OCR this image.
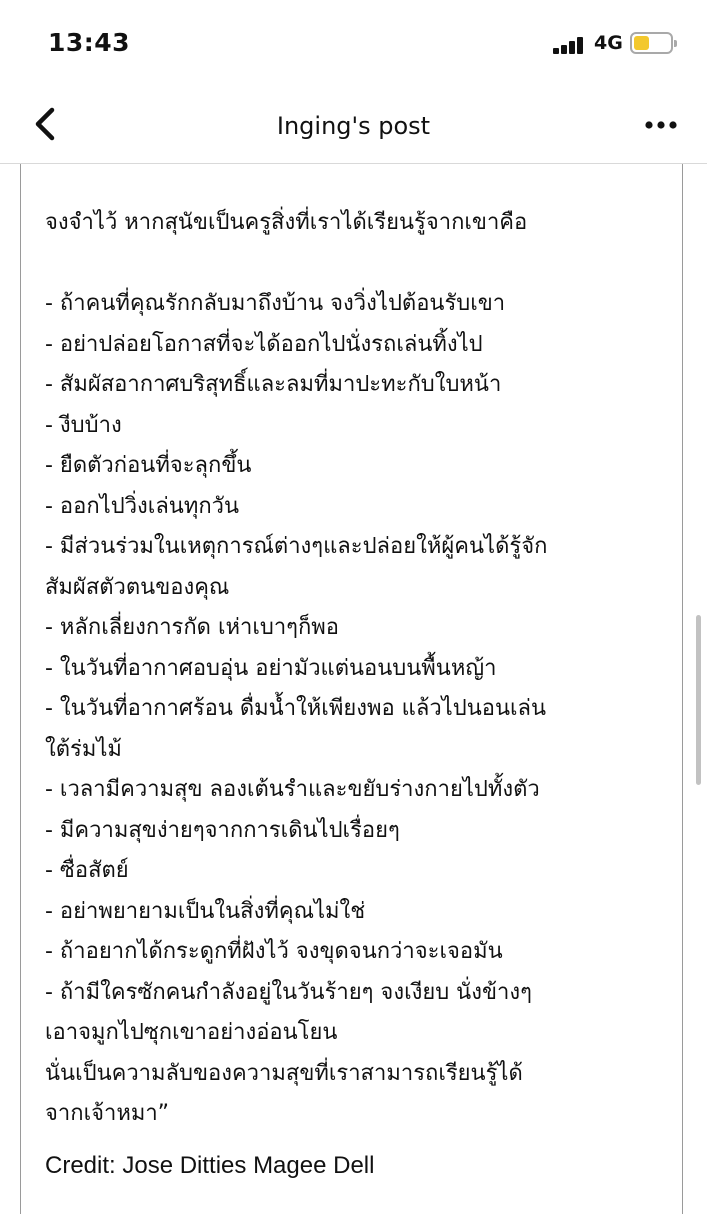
13:43	4G
Inging's post
จงจำไว้ หากสุนัขเป็นครูสิ่งที่เราได้เรียนรู้จากเขาคือ
- ถ้าคนที่คุณรักกลับมาถึงบ้าน จงวิ่งไปต้อนรับเขา
- อย่าปล่อยโอกาสที่จะได้ออกไปนั่งรถเล่นทิ้งไป
- สัมผัสอากาศบริสุทธิ์และลมที่มาปะทะกับใบหน้า
- งีบบ้าง
- ยืดตัวก่อนที่จะลุกขึ้น
- ออกไปวิ่งเล่นทุกวัน
- มีส่วนร่วมในเหตุการณ์ต่างๆและปล่อยให้ผู้คนได้รู้จัก
สัมผัสตัวตนของคุณ
- หลักเลี่ยงการกัด เห่าเบาๆก็พอ
- ในวันที่อากาศอบอุ่น อย่ามัวแต่นอนบนพื้นหญ้า
- ในวันที่อากาศร้อน ดื่มน้ำให้เพียงพอ แล้วไปนอนเล่น
ใต้ร่มไม้
- เวลามีความสุข ลองเต้นรำและขยับร่างกายไปทั้งตัว
- มีความสุขง่ายๆจากการเดินไปเรื่อยๆ
- ซื่อสัตย์
- อย่าพยายามเป็นในสิ่งที่คุณไม่ใช่
- ถ้าอยากได้กระดูกที่ฝังไว้ จงขุดจนกว่าจะเจอมัน
- ถ้ามีใครซักคนกำลังอยู่ในวันร้ายๆ จงเงียบ นั่งข้างๆ
เอาจมูกไปซุกเขาอย่างอ่อนโยน
นั่นเป็นความลับของความสุขที่เราสามารถเรียนรู้ได้
จากเจ้าหมา”
Credit: Jose Ditties Magee Dell
